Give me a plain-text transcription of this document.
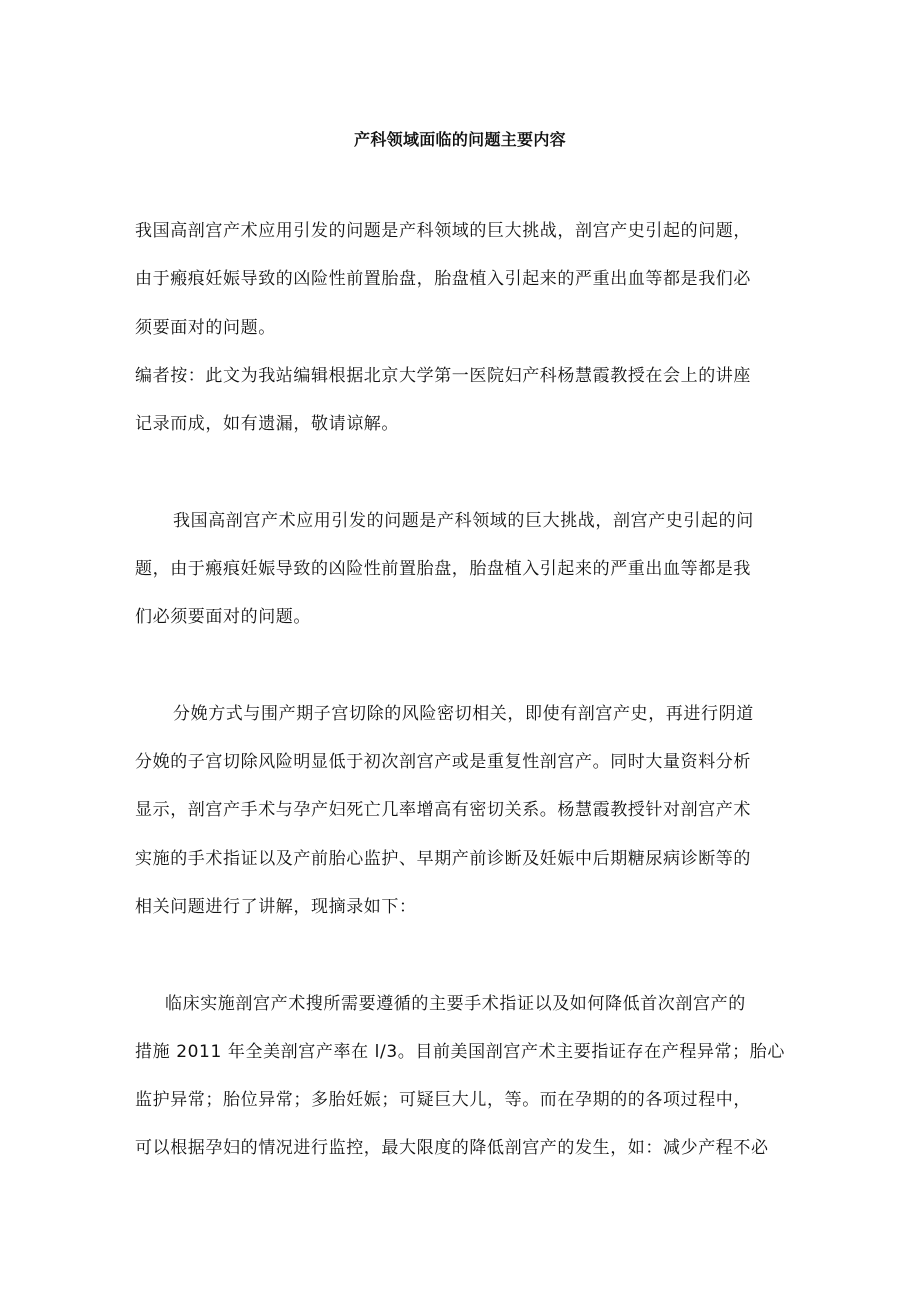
产科领域面临的问题主要内容
我国高剖宫产术应用引发的问题是产科领域的巨大挑战，剖宫产史引起的问题，
由于瘢痕妊娠导致的凶险性前置胎盘，胎盘植入引起来的严重出血等都是我们必
须要面对的问题。
编者按：此文为我站编辑根据北京大学第一医院妇产科杨慧霞教授在会上的讲座
记录而成，如有遗漏，敬请谅解。
我国高剖宫产术应用引发的问题是产科领域的巨大挑战，剖宫产史引起的问
题，由于瘢痕妊娠导致的凶险性前置胎盘，胎盘植入引起来的严重出血等都是我
们必须要面对的问题。
分娩方式与围产期子宫切除的风险密切相关，即使有剖宫产史，再进行阴道
分娩的子宫切除风险明显低于初次剖宫产或是重复性剖宫产。同时大量资料分析
显示，剖宫产手术与孕产妇死亡几率增高有密切关系。杨慧霞教授针对剖宫产术
实施的手术指证以及产前胎心监护、早期产前诊断及妊娠中后期糖尿病诊断等的
相关问题进行了讲解，现摘录如下：
临床实施剖宫产术搜所需要遵循的主要手术指证以及如何降低首次剖宫产的
措施 2011 年全美剖宫产率在 l/3。目前美国剖宫产术主要指证存在产程异常；胎心
监护异常；胎位异常；多胎妊娠；可疑巨大儿，等。而在孕期的的各项过程中，
可以根据孕妇的情况进行监控，最大限度的降低剖宫产的发生，如：减少产程不必
